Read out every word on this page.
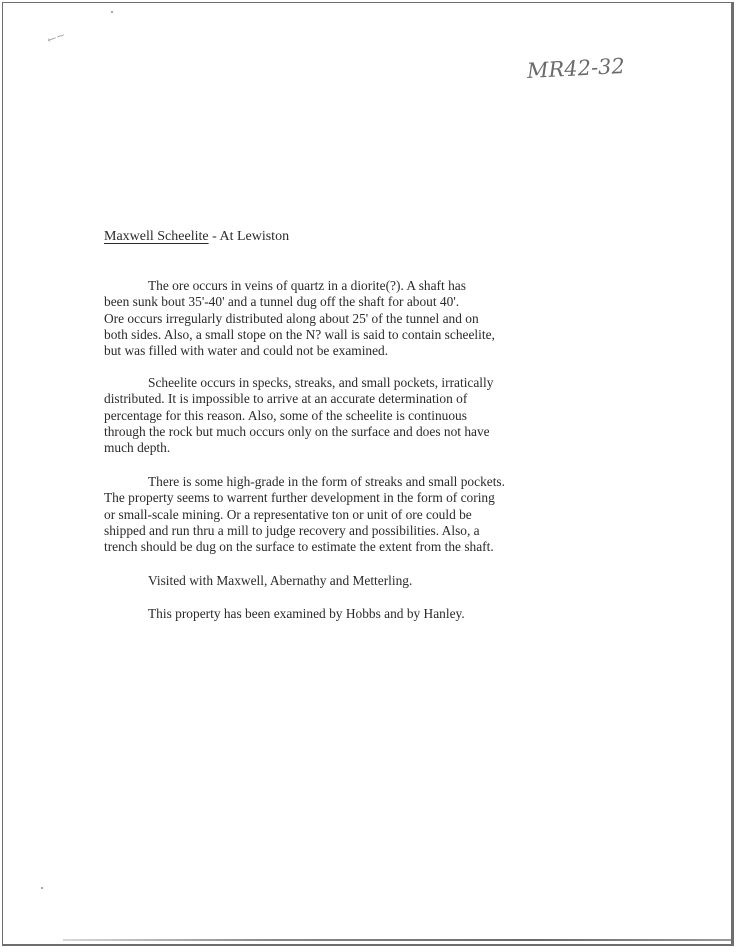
←~
MR42-32
Maxwell Scheelite - At Lewiston
The ore occurs in veins of quartz in a diorite(?). A shaft has
been sunk bout 35'-40' and a tunnel dug off the shaft for about 40'.
Ore occurs irregularly distributed along about 25' of the tunnel and on
both sides. Also, a small stope on the N? wall is said to contain scheelite,
but was filled with water and could not be examined.
Scheelite occurs in specks, streaks, and small pockets, irratically
distributed. It is impossible to arrive at an accurate determination of
percentage for this reason. Also, some of the scheelite is continuous
through the rock but much occurs only on the surface and does not have
much depth.
There is some high-grade in the form of streaks and small pockets.
The property seems to warrent further development in the form of coring
or small-scale mining. Or a representative ton or unit of ore could be
shipped and run thru a mill to judge recovery and possibilities. Also, a
trench should be dug on the surface to estimate the extent from the shaft.
Visited with Maxwell, Abernathy and Metterling.
This property has been examined by Hobbs and by Hanley.
